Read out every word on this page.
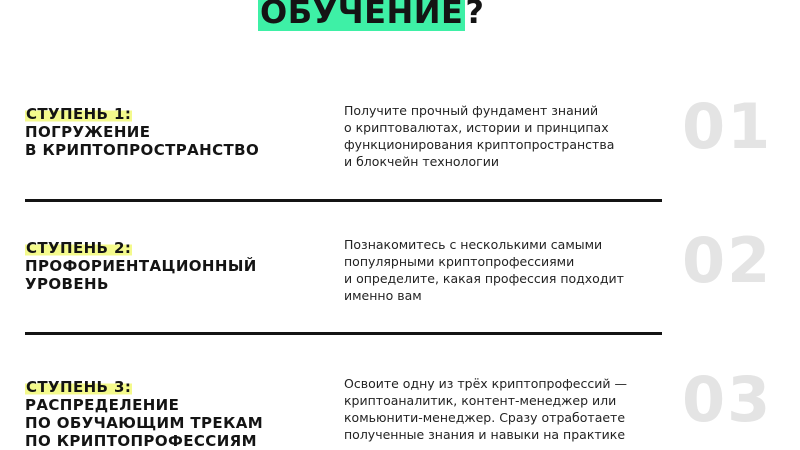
ОБУЧЕНИЕ?
СТУПЕНЬ 1:
ПОГРУЖЕНИЕ
В КРИПТОПРОСТРАНСТВО

Получите прочный фундамент знаний
о криптовалютах, истории и принципах
функционирования криптопространства
и блокчейн технологии	01
СТУПЕНЬ 2:
ПРОФОРИЕНТАЦИОННЫЙ
УРОВЕНЬ

Познакомитесь с несколькими самыми
популярными криптопрофессиями
и определите, какая профессия подходит
именно вам	02
СТУПЕНЬ 3:
РАСПРЕДЕЛЕНИЕ
ПО ОБУЧАЮЩИМ ТРЕКАМ
ПО КРИПТОПРОФЕССИЯМ

Освоите одну из трёх криптопрофессий —
криптоаналитик, контент-менеджер или
комьюнити-менеджер. Сразу отработаете
полученные знания и навыки на практике 03
